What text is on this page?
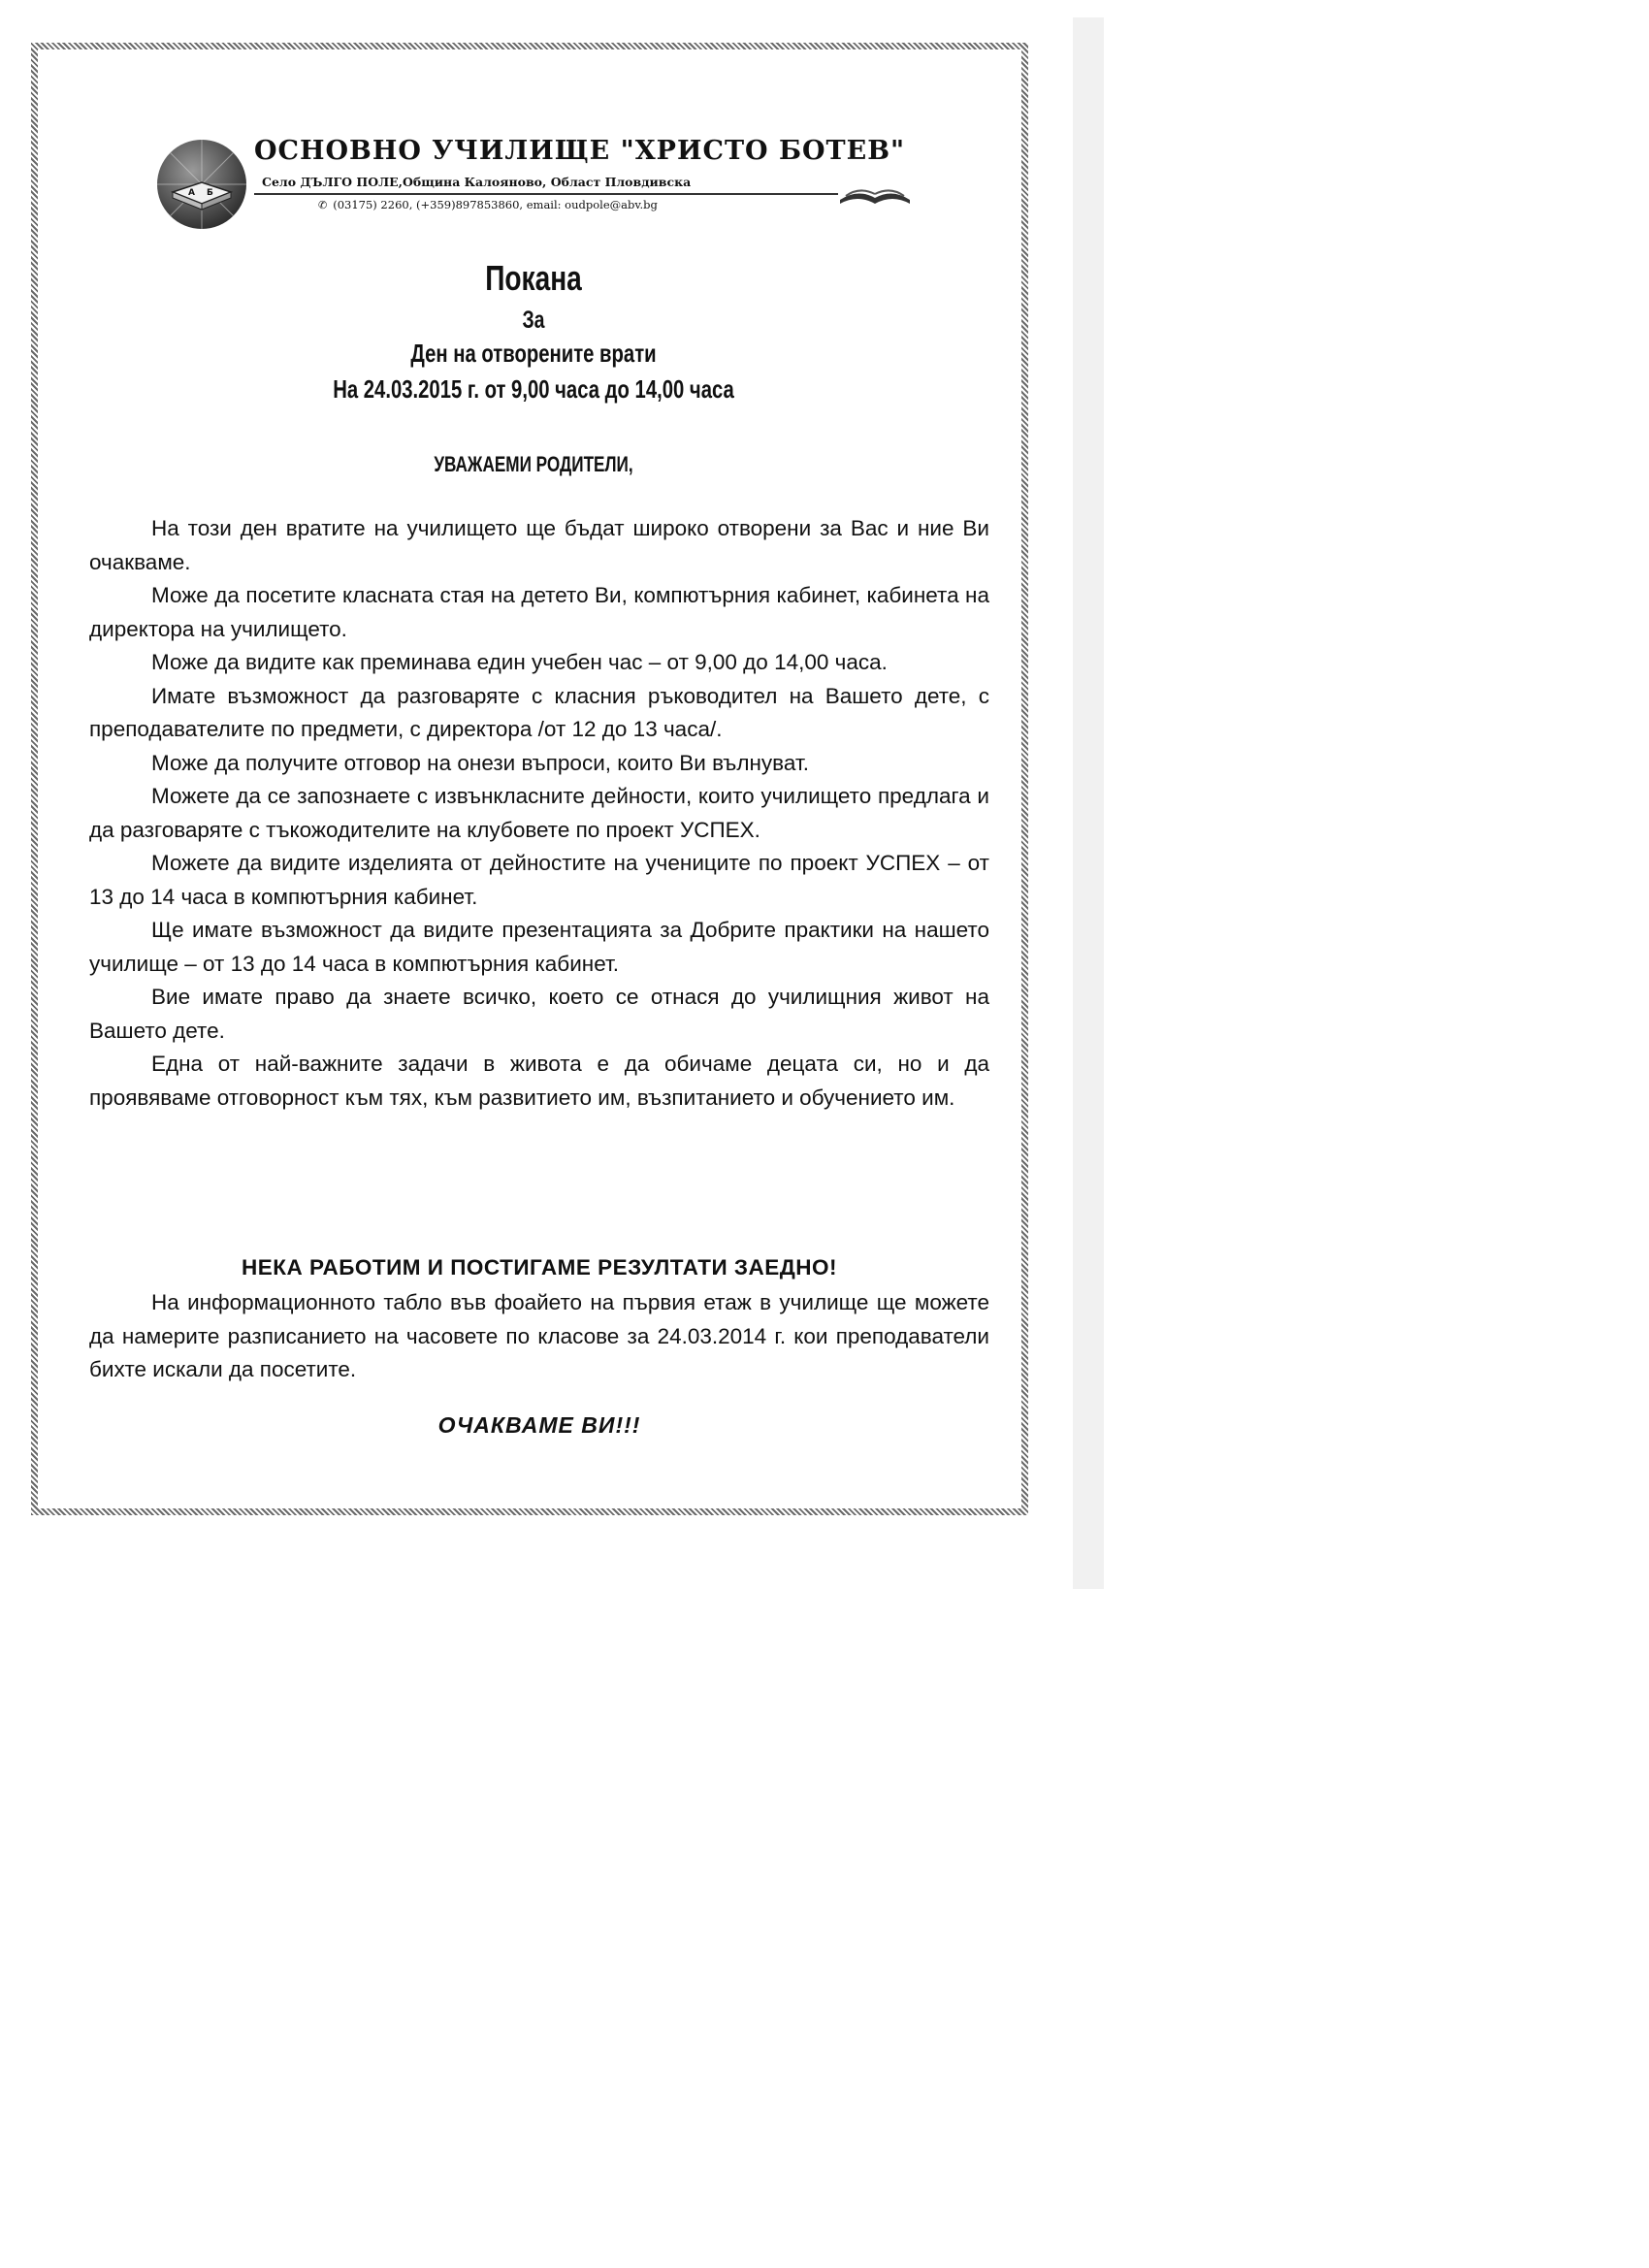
А Б
ОСНОВНО УЧИЛИЩЕ "ХРИСТО БОТЕВ"
Село ДЪЛГО ПОЛЕ,Община Калояново, Област Пловдивска
✆ (03175) 2260, (+359)897853860, email: oudpole@abv.bg
Покана
За
Ден на отворените врати
На 24.03.2015 г. от 9,00 часа до 14,00 часа
УВАЖАЕМИ РОДИТЕЛИ,

На този ден вратите на училището ще бъдат широко отворени за Вас и ние Ви очакваме.

Може да посетите класната стая на детето Ви, компютърния кабинет, кабинета на директора на училището.

Може да видите как преминава един учебен час – от 9,00 до 14,00 часа.

Имате възможност да разговаряте с класния ръководител на Вашето дете, с преподавателите по предмети, с директора /от 12 до 13 часа/.

Може да получите отговор на онези въпроси, които Ви вълнуват.

Можете да се запознаете с извънкласните дейности, които училището предлага и да разговаряте с тъкожодителите на клубовете по проект УСПЕХ.

Можете да видите изделията от дейностите на учениците по проект УСПЕХ – от 13 до 14 часа в компютърния кабинет.

Ще имате възможност да видите презентацията за Добрите практики на нашето училище – от 13 до 14 часа в компютърния кабинет.

Вие имате право да знаете всичко, което се отнася до училищния живот на Вашето дете.

Една от най-важните задачи в живота е да обичаме децата си, но и да проявяваме отговорност към тях, към развитието им, възпитанието и обучението им.

НЕКА РАБОТИМ И ПОСТИГАМЕ РЕЗУЛТАТИ ЗАЕДНО!

На информационното табло във фоайето на първия етаж в училище ще можете да намерите разписанието на часовете по класове за 24.03.2014 г. кои преподаватели бихте искали да посетите.

ОЧАКВАМЕ ВИ!!!
